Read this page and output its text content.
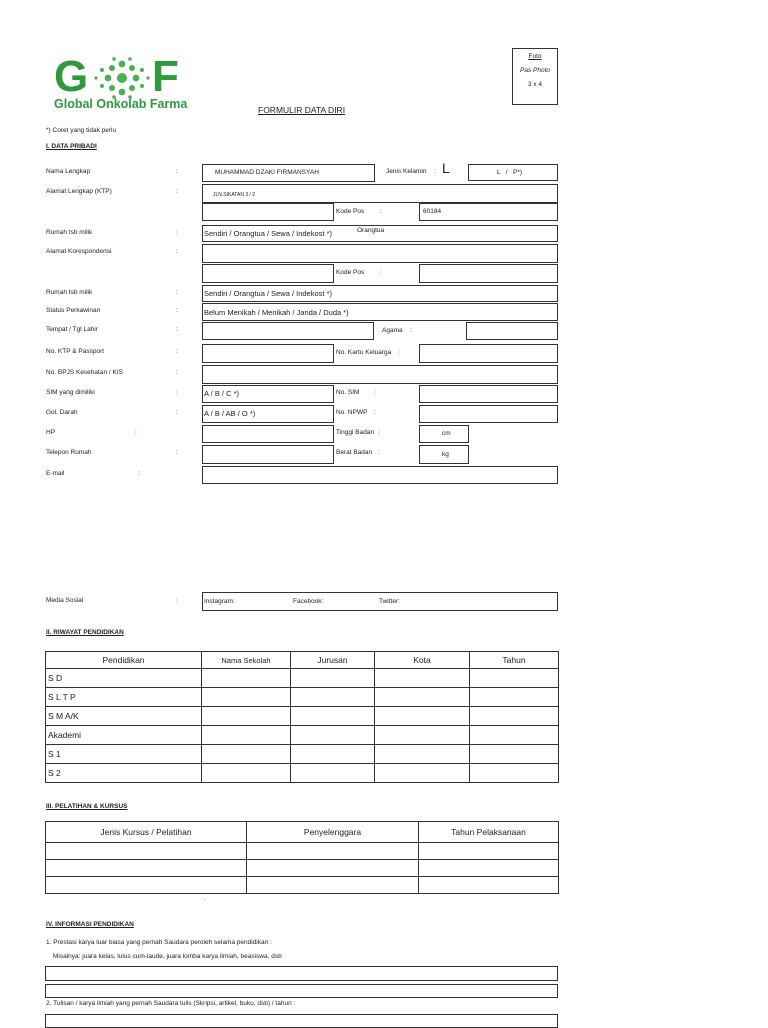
G F
Global Onkolab Farma
Foto
Pas Photo
3 x 4
FORMULIR DATA DIRI
*) Coret yang tidak perlu
I. DATA PRIBADI
Nama Lengkap	:	MUHAMMAD DZAKI FIRMANSYAH	Jenis Kelamin : L	L   /   P*)
Alamat Lengkap (KTP)	:	JLN.SIKATAN 3 / 2
Kode Pos :	60184
Rumah tsb milik	:	Sendiri / Orangtua / Sewa / Indekost *)	Orangtua
Alamat Korespondensi	:
Kode Pos :
Rumah tsb milik	:	Sendiri / Orangtua / Sewa / Indekost *)
Status Perkawinan	:	Belum Menikah / Menikah / Janda / Duda *)
Tempat / Tgl Lahir	:	Agama :
No. KTP & Passport	:	No. Kartu Keluarga :
No. BPJS Kesehatan / KIS	:
SIM yang dimiliki	:	A / B / C *)	No. SIM :
Gol. Darah	:	A / B / AB / O *)	No. NPWP :
HP	:	Tinggi Badan :	cm
Telepon Rumah	:	Berat Badan :	kg
E-mail	:
Media Sosial	:	Instagram:	Facebook:	Twitter:
II. RIWAYAT PENDIDIKAN
Pendidikan	Nama Sekolah	Jurusan	Kota	Tahun
S D				
S L T P				
S M A/K				
Akademi				
S 1				
S 2				
III. PELATIHAN & KURSUS
Jenis Kursus / Pelatihan	Penyelenggara	Tahun Pelaksanaan

.
IV. INFORMASI PENDIDIKAN
1. Prestasi karya luar biasa yang pernah Saudara peroleh selama pendidikan :
Misalnya: juara kelas, lulus cum-laude, juara lomba karya ilmiah, beasiswa, dsb
2. Tulisan / karya ilmiah yang pernah Saudara tulis (Skripsi, artikel, buku, dsb) / tahun :
